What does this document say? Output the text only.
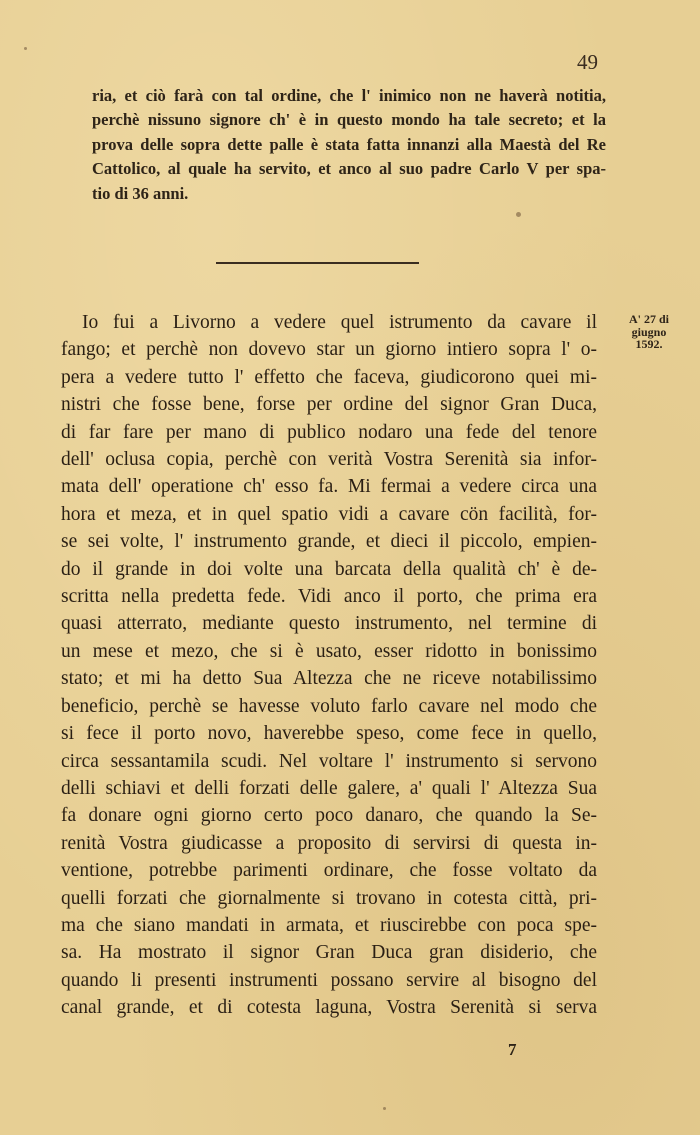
49
ria, et ciò farà con tal ordine, che l' inimico non ne haverà notitia,
perchè nissuno signore ch' è in questo mondo ha tale secreto; et la
prova delle sopra dette palle è stata fatta innanzi alla Maestà del Re
Cattolico, al quale ha servito, et anco al suo padre Carlo V per spa-
tio di 36 anni.
A' 27 di
giugno
1592.
Io fui a Livorno a vedere quel istrumento da cavare il
fango; et perchè non dovevo star un giorno intiero sopra l' o-
pera a vedere tutto l' effetto che faceva, giudicorono quei mi-
nistri che fosse bene, forse per ordine del signor Gran Duca,
di far fare per mano di publico nodaro una fede del tenore
dell' oclusa copia, perchè con verità Vostra Serenità sia infor-
mata dell' operatione ch' esso fa. Mi fermai a vedere circa una
hora et meza, et in quel spatio vidi a cavare cön facilità, for-
se sei volte, l' instrumento grande, et dieci il piccolo, empien-
do il grande in doi volte una barcata della qualità ch' è de-
scritta nella predetta fede. Vidi anco il porto, che prima era
quasi atterrato, mediante questo instrumento, nel termine di
un mese et mezo, che si è usato, esser ridotto in bonissimo
stato; et mi ha detto Sua Altezza che ne riceve notabilissimo
beneficio, perchè se havesse voluto farlo cavare nel modo che
si fece il porto novo, haverebbe speso, come fece in quello,
circa sessantamila scudi. Nel voltare l' instrumento si servono
delli schiavi et delli forzati delle galere, a' quali l' Altezza Sua
fa donare ogni giorno certo poco danaro, che quando la Se-
renità Vostra giudicasse a proposito di servirsi di questa in-
ventione, potrebbe parimenti ordinare, che fosse voltato da
quelli forzati che giornalmente si trovano in cotesta città, pri-
ma che siano mandati in armata, et riuscirebbe con poca spe-
sa. Ha mostrato il signor Gran Duca gran disiderio, che
quando li presenti instrumenti possano servire al bisogno del
canal grande, et di cotesta laguna, Vostra Serenità si serva
7
